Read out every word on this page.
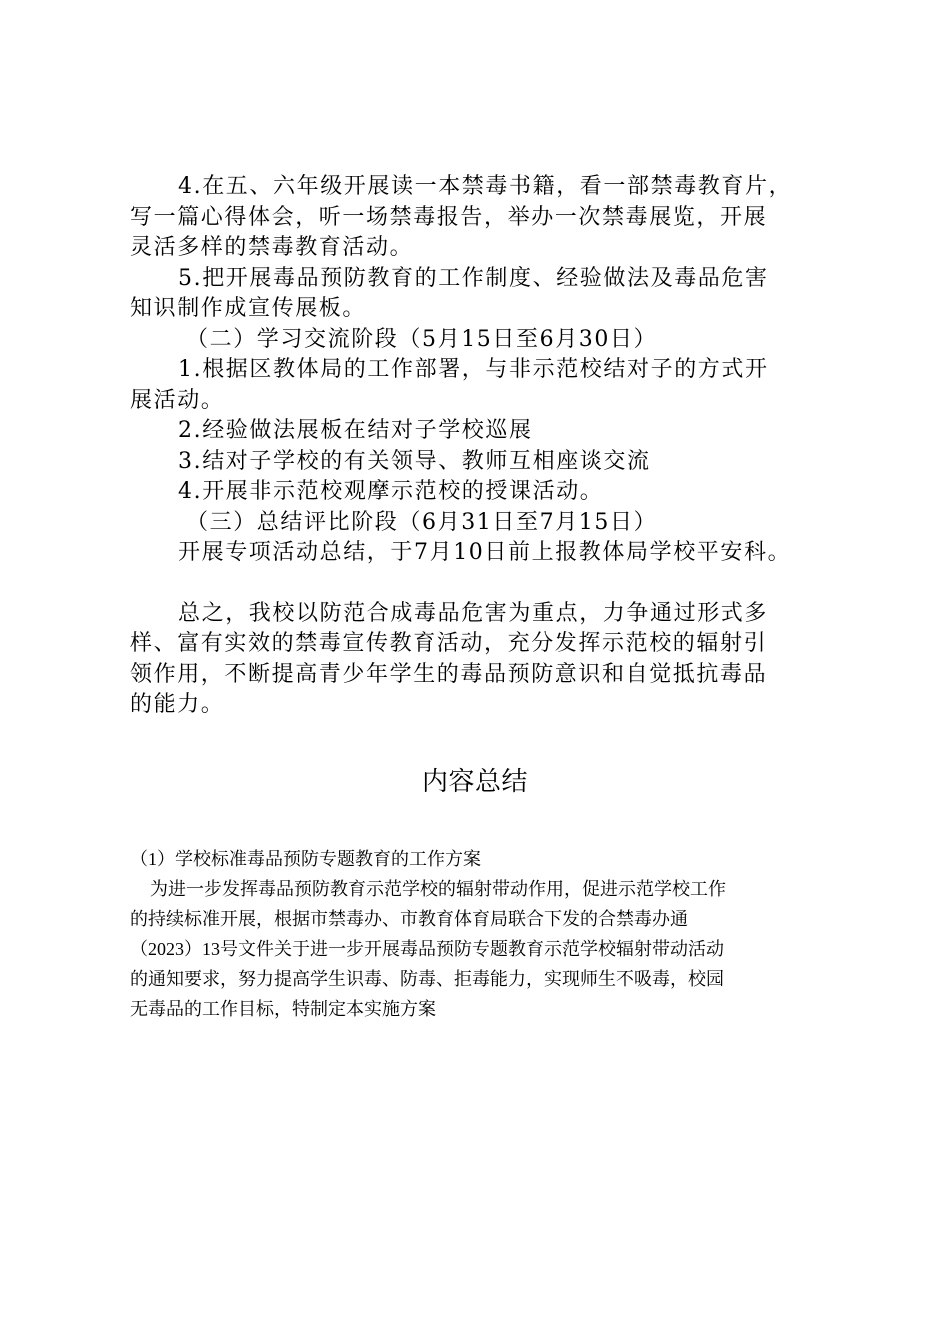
4.在五、六年级开展读一本禁毒书籍，看一部禁毒教育片，

写一篇心得体会，听一场禁毒报告，举办一次禁毒展览，开展

灵活多样的禁毒教育活动。

5.把开展毒品预防教育的工作制度、经验做法及毒品危害

知识制作成宣传展板。

（二）学习交流阶段（5月15日至6月30日）

1.根据区教体局的工作部署，与非示范校结对子的方式开

展活动。

2.经验做法展板在结对子学校巡展

3.结对子学校的有关领导、教师互相座谈交流

4.开展非示范校观摩示范校的授课活动。

（三）总结评比阶段（6月31日至7月15日）

开展专项活动总结，于7月10日前上报教体局学校平安科。

总之，我校以防范合成毒品危害为重点，力争通过形式多

样、富有实效的禁毒宣传教育活动，充分发挥示范校的辐射引

领作用，不断提高青少年学生的毒品预防意识和自觉抵抗毒品

的能力。

内容总结

（1）学校标准毒品预防专题教育的工作方案

为进一步发挥毒品预防教育示范学校的辐射带动作用，促进示范学校工作

的持续标准开展，根据市禁毒办、市教育体育局联合下发的合禁毒办通

（2023）13号文件关于进一步开展毒品预防专题教育示范学校辐射带动活动

的通知要求，努力提高学生识毒、防毒、拒毒能力，实现师生不吸毒，校园

无毒品的工作目标，特制定本实施方案
